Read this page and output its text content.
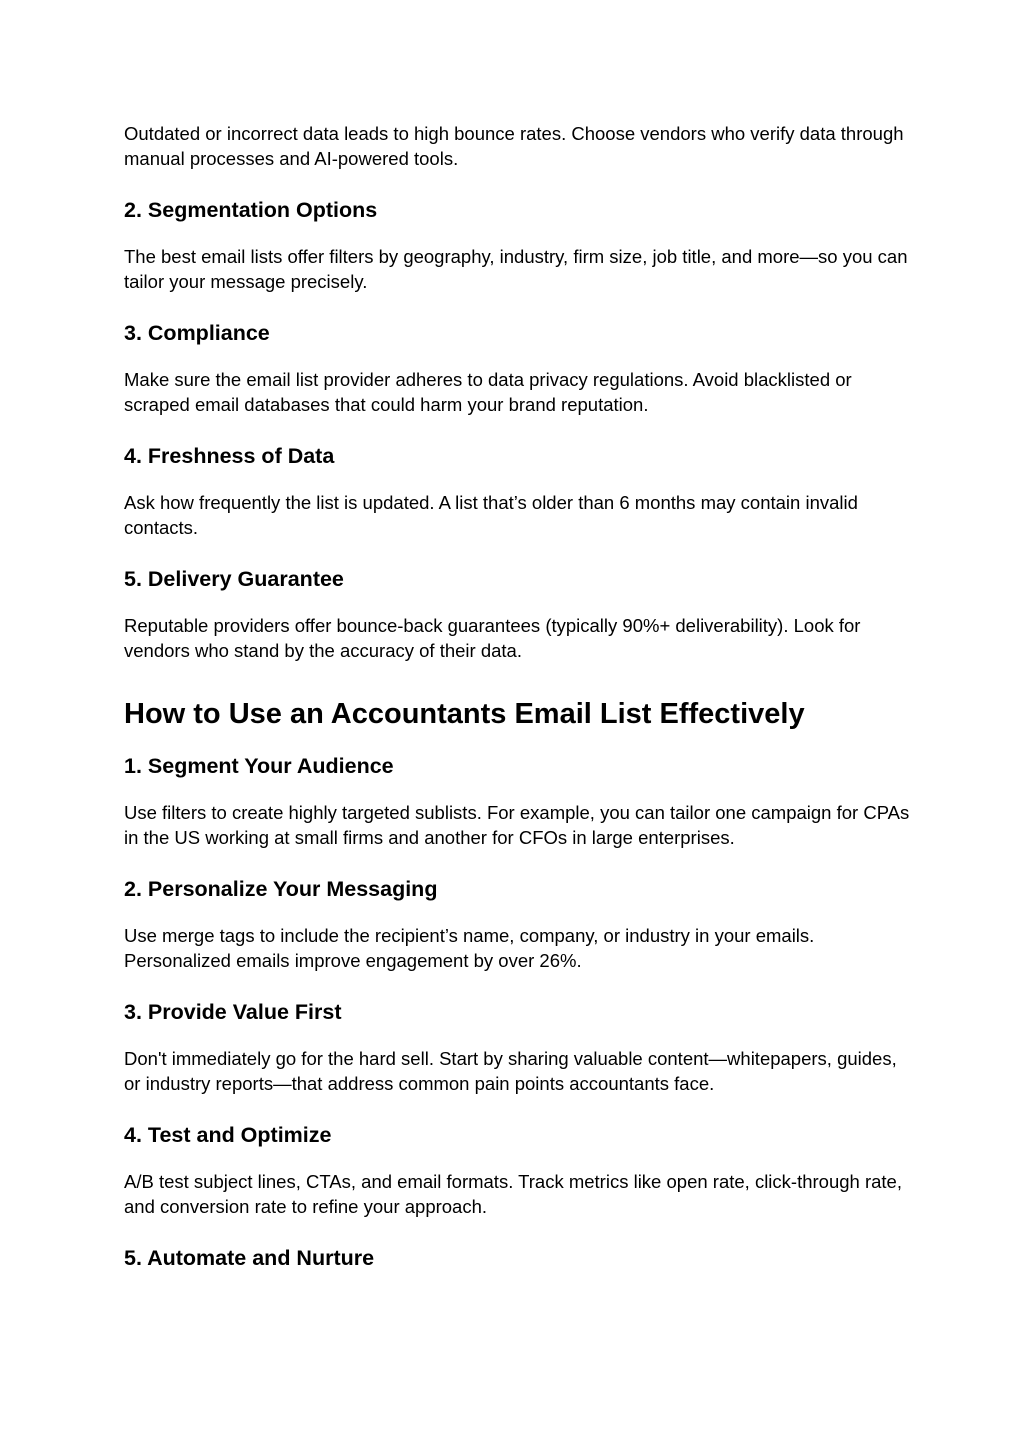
Outdated or incorrect data leads to high bounce rates. Choose vendors who verify data through manual processes and AI-powered tools.

2. Segmentation Options

The best email lists offer filters by geography, industry, firm size, job title, and more—so you can tailor your message precisely.

3. Compliance

Make sure the email list provider adheres to data privacy regulations. Avoid blacklisted or scraped email databases that could harm your brand reputation.

4. Freshness of Data

Ask how frequently the list is updated. A list that’s older than 6 months may contain invalid contacts.

5. Delivery Guarantee

Reputable providers offer bounce-back guarantees (typically 90%+ deliverability). Look for vendors who stand by the accuracy of their data.

How to Use an Accountants Email List Effectively
1. Segment Your Audience

Use filters to create highly targeted sublists. For example, you can tailor one campaign for CPAs in the US working at small firms and another for CFOs in large enterprises.

2. Personalize Your Messaging

Use merge tags to include the recipient’s name, company, or industry in your emails. Personalized emails improve engagement by over 26%.

3. Provide Value First

Don't immediately go for the hard sell. Start by sharing valuable content—whitepapers, guides, or industry reports—that address common pain points accountants face.

4. Test and Optimize

A/B test subject lines, CTAs, and email formats. Track metrics like open rate, click-through rate, and conversion rate to refine your approach.

5. Automate and Nurture
